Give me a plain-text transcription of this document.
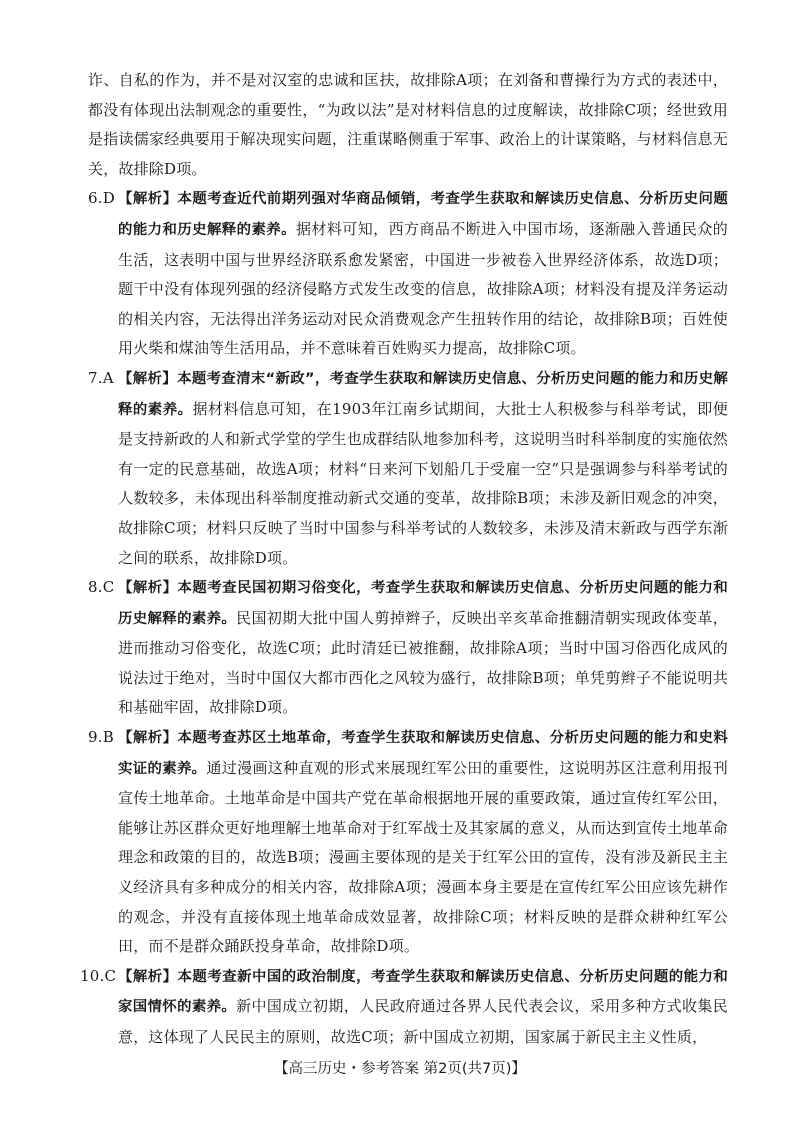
诈、自私的作为，并不是对汉室的忠诚和匡扶，故排除A项；在刘备和曹操行为方式的表述中，都没有体现出法制观念的重要性，“为政以法”是对材料信息的过度解读，故排除C项；经世致用是指读儒家经典要用于解决现实问题，注重谋略侧重于军事、政治上的计谋策略，与材料信息无关，故排除D项。

6.D 【解析】本题考查近代前期列强对华商品倾销，考查学生获取和解读历史信息、分析历史问题的能力和历史解释的素养。据材料可知，西方商品不断进入中国市场，逐渐融入普通民众的生活，这表明中国与世界经济联系愈发紧密，中国进一步被卷入世界经济体系，故选D项；题干中没有体现列强的经济侵略方式发生改变的信息，故排除A项；材料没有提及洋务运动的相关内容，无法得出洋务运动对民众消费观念产生扭转作用的结论，故排除B项；百姓使用火柴和煤油等生活用品，并不意味着百姓购买力提高，故排除C项。
7.A 【解析】本题考查清末“新政”，考查学生获取和解读历史信息、分析历史问题的能力和历史解释的素养。据材料信息可知，在1903年江南乡试期间，大批士人积极参与科举考试，即便是支持新政的人和新式学堂的学生也成群结队地参加科考，这说明当时科举制度的实施依然有一定的民意基础，故选A项；材料“日来河下划船几于受雇一空”只是强调参与科举考试的人数较多，未体现出科举制度推动新式交通的变革，故排除B项；未涉及新旧观念的冲突，故排除C项；材料只反映了当时中国参与科举考试的人数较多，未涉及清末新政与西学东渐之间的联系，故排除D项。
8.C 【解析】本题考查民国初期习俗变化，考查学生获取和解读历史信息、分析历史问题的能力和历史解释的素养。民国初期大批中国人剪掉辫子，反映出辛亥革命推翻清朝实现政体变革，进而推动习俗变化，故选C项；此时清廷已被推翻，故排除A项；当时中国习俗西化成风的说法过于绝对，当时中国仅大都市西化之风较为盛行，故排除B项；单凭剪辫子不能说明共和基础牢固，故排除D项。
9.B 【解析】本题考查苏区土地革命，考查学生获取和解读历史信息、分析历史问题的能力和史料实证的素养。通过漫画这种直观的形式来展现红军公田的重要性，这说明苏区注意利用报刊宣传土地革命。土地革命是中国共产党在革命根据地开展的重要政策，通过宣传红军公田，能够让苏区群众更好地理解土地革命对于红军战士及其家属的意义，从而达到宣传土地革命理念和政策的目的，故选B项；漫画主要体现的是关于红军公田的宣传，没有涉及新民主主义经济具有多种成分的相关内容，故排除A项；漫画本身主要是在宣传红军公田应该先耕作的观念，并没有直接体现土地革命成效显著，故排除C项；材料反映的是群众耕种红军公田，而不是群众踊跃投身革命，故排除D项。
10.C 【解析】本题考查新中国的政治制度，考查学生获取和解读历史信息、分析历史问题的能力和家国情怀的素养。新中国成立初期，人民政府通过各界人民代表会议，采用多种方式收集民意，这体现了人民民主的原则，故选C项；新中国成立初期，国家属于新民主主义性质，
【高三历史・参考答案 第2页(共7页)】
